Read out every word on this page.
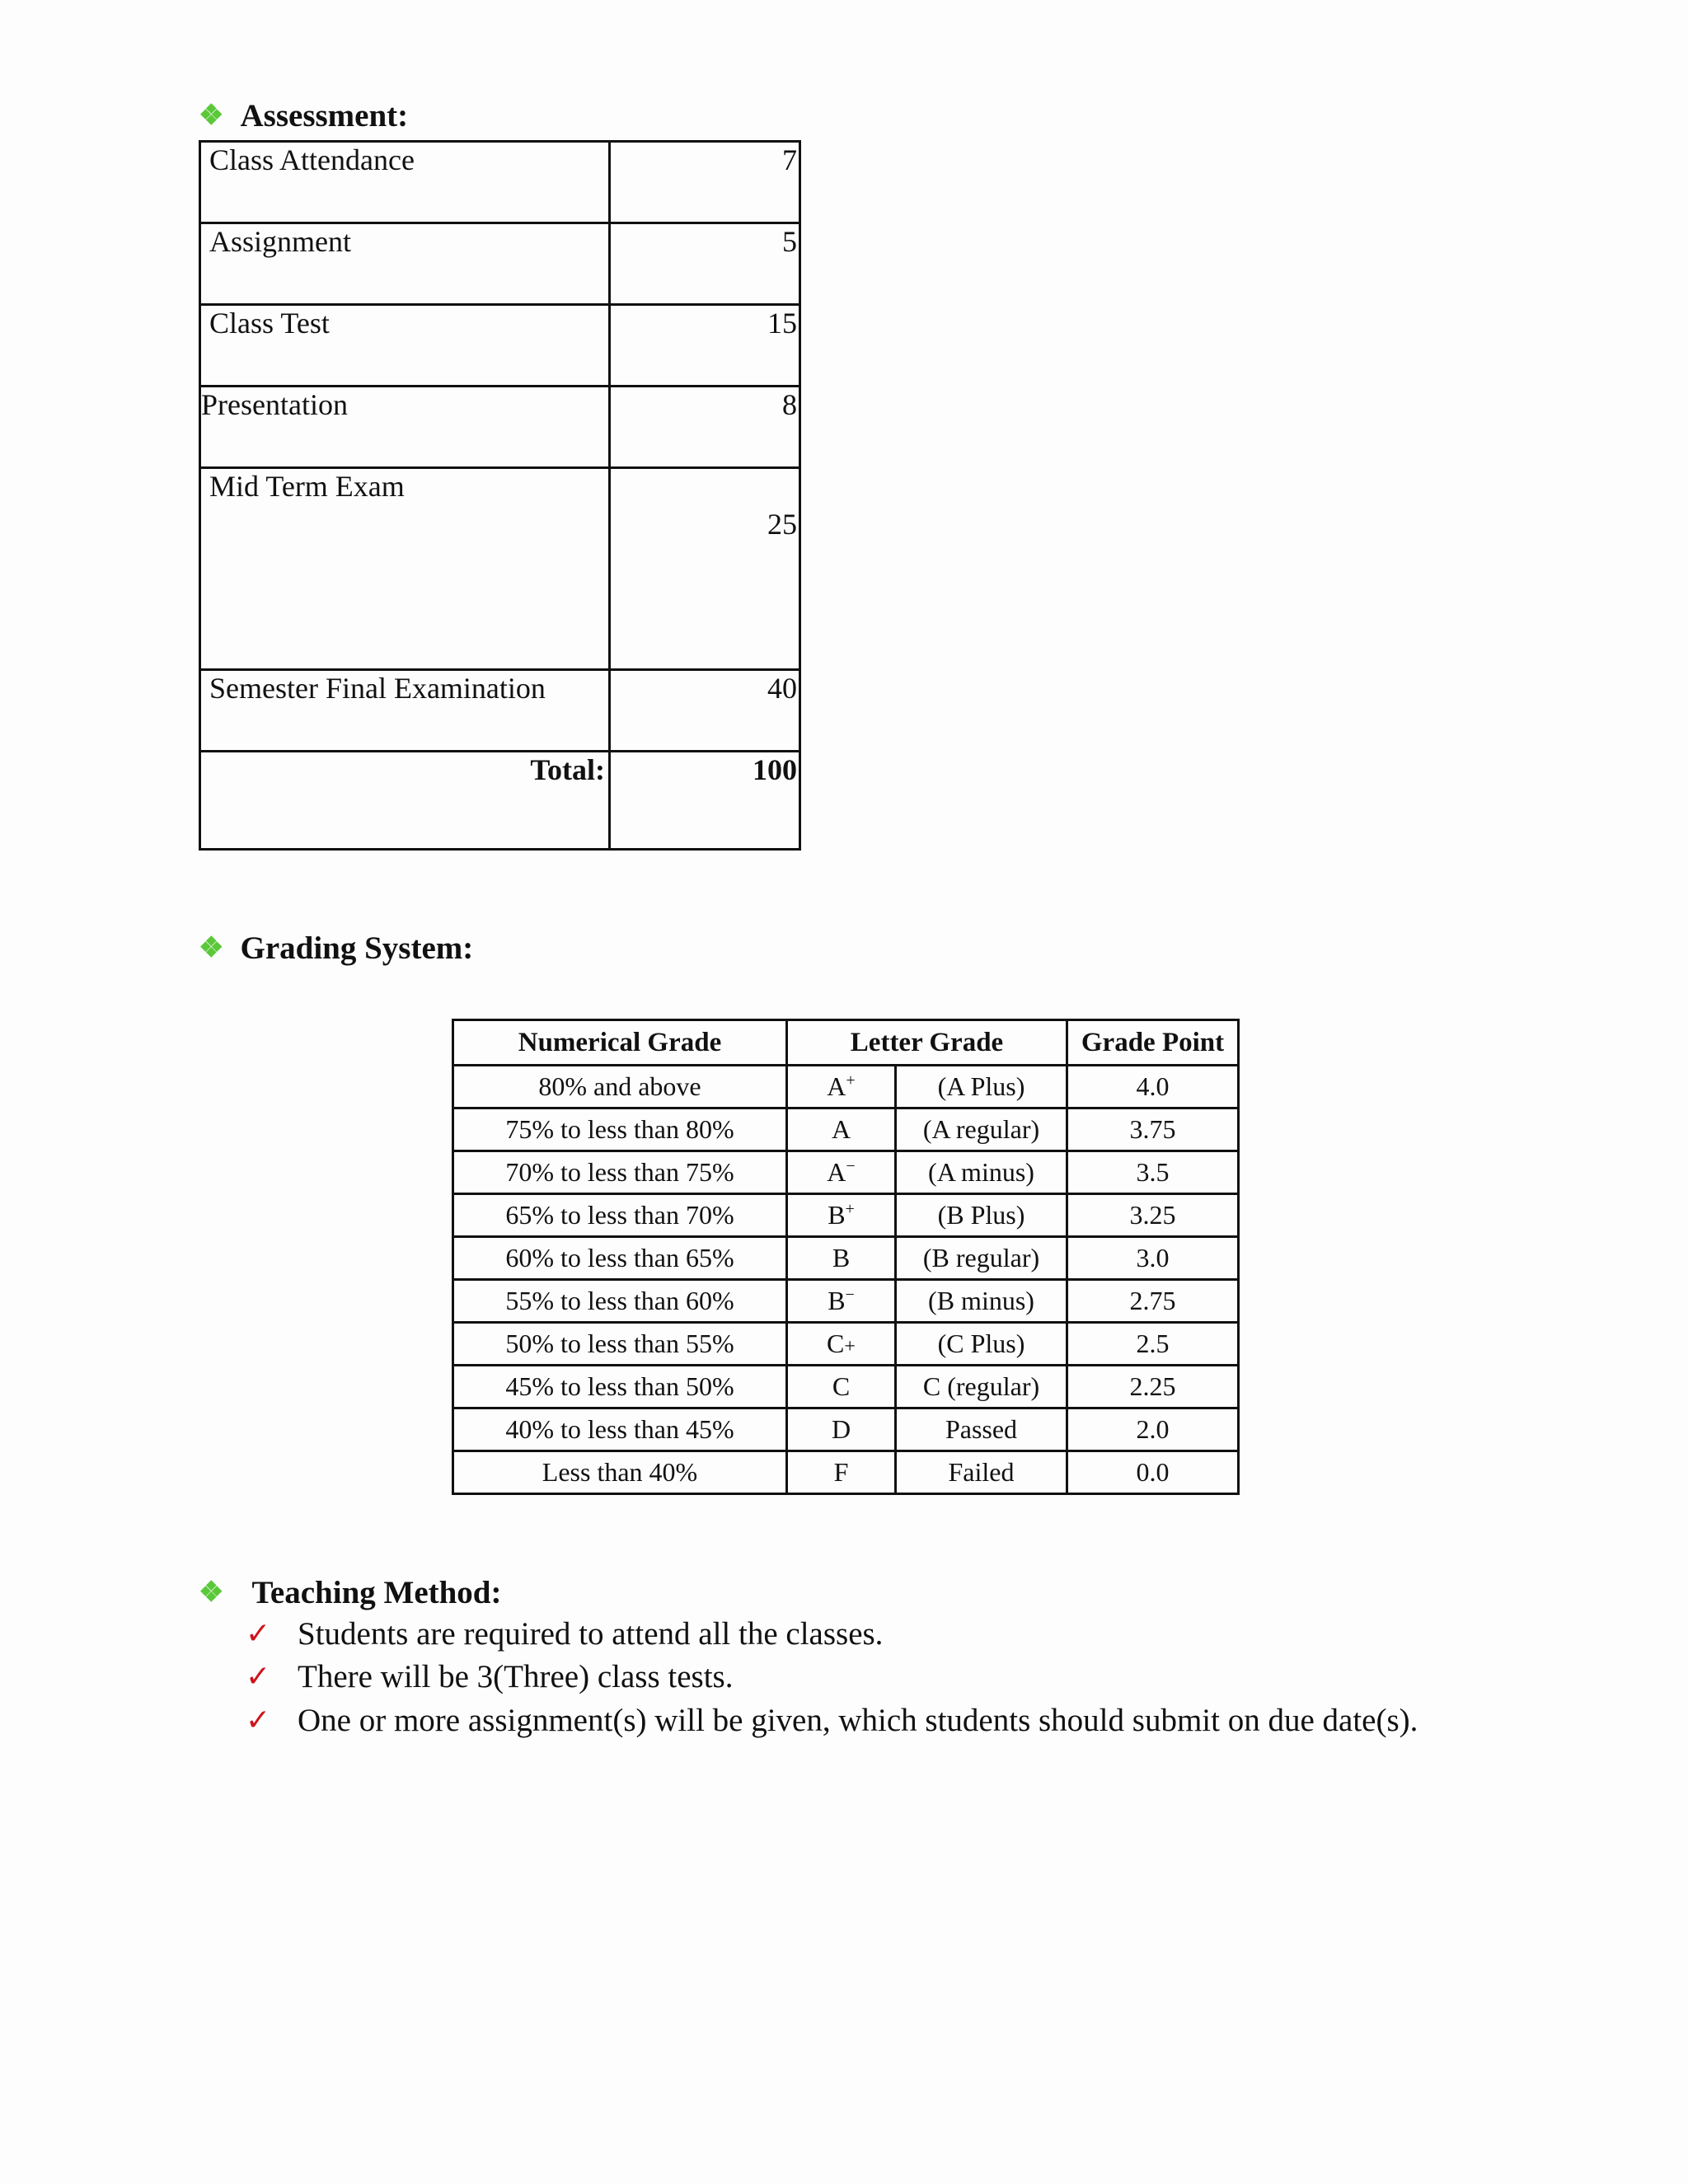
❖ Assessment:
Class Attendance	7
Assignment	5
Class Test	15
Presentation	8
Mid Term Exam	25
Semester Final Examination	40
Total:	100
❖ Grading System:
Numerical Grade	Letter Grade		Grade Point
80% and above	A+	(A Plus)	4.0
75% to less than 80%	A	(A regular)	3.75
70% to less than 75%	A−	(A minus)	3.5
65% to less than 70%	B+	(B Plus)	3.25
60% to less than 65%	B	(B regular)	3.0
55% to less than 60%	B−	(B minus)	2.75
50% to less than 55%	C+	(C Plus)	2.5
45% to less than 50%	C	C (regular)	2.25
40% to less than 45%	D	Passed	2.0
Less than 40%	F	Failed	0.0
❖ Teaching Method:
✓ Students are required to attend all the classes.
✓ There will be 3(Three) class tests.
✓ One or more assignment(s) will be given, which students should submit on due date(s).
